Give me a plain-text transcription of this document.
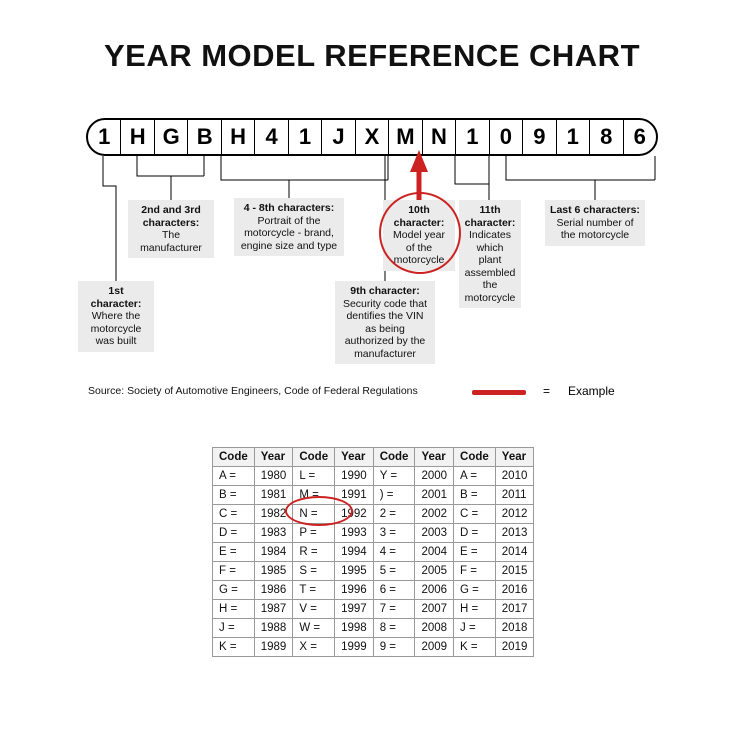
YEAR MODEL REFERENCE CHART
1 H G B H 4 1 J X M N 1 0 9 1 8 6
1st character: Where the motorcycle was built
2nd and 3rd characters: The manufacturer
4 - 8th characters: Portrait of the motorcycle - brand, engine size and type
9th character: Security code that dentifies the VIN as being authorized by the manufacturer
10th character: Model year of the motorcycle
11th character: Indicates which plant assembled the motorcycle
Last 6 characters: Serial number of the motorcycle
Source: Society of Automotive Engineers, Code of Federal Regulations	= Example
Code	Year	Code	Year	Code	Year	Code	Year
A =	1980	L =	1990	Y =	2000	A =	2010
B =	1981	M =	1991	) =	2001	B =	2011
C =	1982	N =	1992	2 =	2002	C =	2012
D =	1983	P =	1993	3 =	2003	D =	2013
E =	1984	R =	1994	4 =	2004	E =	2014
F =	1985	S =	1995	5 =	2005	F =	2015
G =	1986	T =	1996	6 =	2006	G =	2016
H =	1987	V =	1997	7 =	2007	H =	2017
J =	1988	W =	1998	8 =	2008	J =	2018
K =	1989	X =	1999	9 =	2009	K =	2019
